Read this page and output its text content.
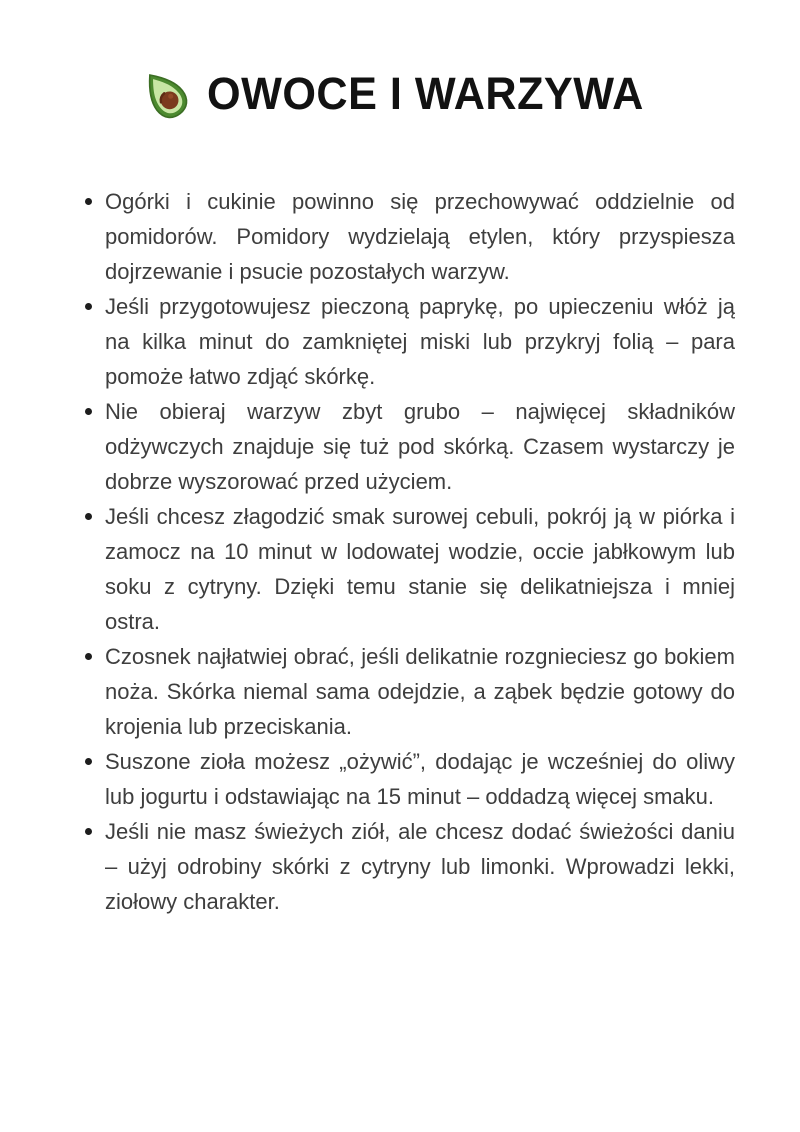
OWOCE I WARZYWA
Ogórki i cukinie powinno się przechowywać oddzielnie od pomidorów. Pomidory wydzielają etylen, który przyspiesza dojrzewanie i psucie pozostałych warzyw.
Jeśli przygotowujesz pieczoną paprykę, po upieczeniu włóż ją na kilka minut do zamkniętej miski lub przykryj folią – para pomoże łatwo zdjąć skórkę.
Nie obieraj warzyw zbyt grubo – najwięcej składników odżywczych znajduje się tuż pod skórką. Czasem wystarczy je dobrze wyszorować przed użyciem.
Jeśli chcesz złagodzić smak surowej cebuli, pokrój ją w piórka i zamocz na 10 minut w lodowatej wodzie, occie jabłkowym lub soku z cytryny. Dzięki temu stanie się delikatniejsza i mniej ostra.
Czosnek najłatwiej obrać, jeśli delikatnie rozgnieciesz go bokiem noża. Skórka niemal sama odejdzie, a ząbek będzie gotowy do krojenia lub przeciskania.
Suszone zioła możesz „ożywić”, dodając je wcześniej do oliwy lub jogurtu i odstawiając na 15 minut – oddadzą więcej smaku.
Jeśli nie masz świeżych ziół, ale chcesz dodać świeżości daniu – użyj odrobiny skórki z cytryny lub limonki. Wprowadzi lekki, ziołowy charakter.
